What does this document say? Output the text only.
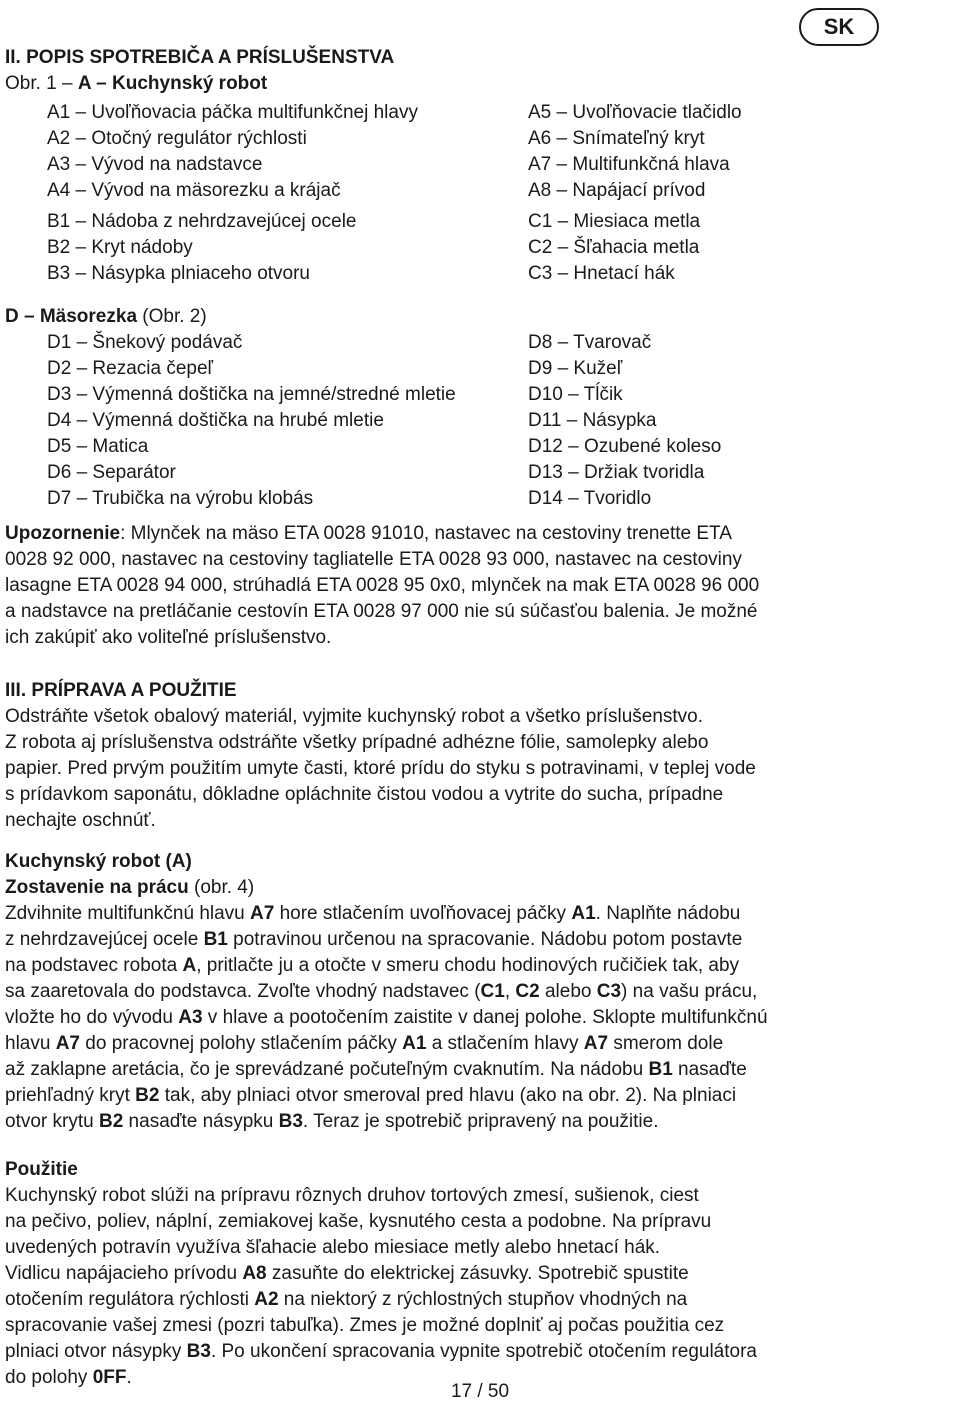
SK
II. POPIS SPOTREBIČA A PRÍSLUŠENSTVA
Obr. 1 – A – Kuchynský robot
A1 – Uvoľňovacia páčka multifunkčnej hlavy
A2 – Otočný regulátor rýchlosti
A3 – Vývod na nadstavce
A4 – Vývod na mäsorezku a krájač
A5 – Uvoľňovacie tlačidlo
A6 – Snímateľný kryt
A7 – Multifunkčná hlava
A8 – Napájací prívod
B1 – Nádoba z nehrdzavejúcej ocele
B2 – Kryt nádoby
B3 – Násypka plniaceho otvoru
C1 – Miesiaca metla
C2 – Šľahacia metla
C3 – Hnetací hák
D – Mäsorezka (Obr. 2)
D1 – Šnekový podávač
D2 – Rezacia čepeľ
D3 – Výmenná doštička na jemné/stredné mletie
D4 – Výmenná doštička na hrubé mletie
D5 – Matica
D6 – Separátor
D7 – Trubička na výrobu klobás
D8 – Tvarovač
D9 – Kužeľ
D10 – Tĺčik
D11 – Násypka
D12 – Ozubené koleso
D13 – Držiak tvoridla
D14 – Tvoridlo
Upozornenie: Mlynček na mäso ETA 0028 91010, nastavec na cestoviny trenette ETA
0028 92 000, nastavec na cestoviny tagliatelle ETA 0028 93 000, nastavec na cestoviny
lasagne ETA 0028 94 000, strúhadlá ETA 0028 95 0x0, mlynček na mak ETA 0028 96 000
a nadstavce na pretláčanie cestovín ETA 0028 97 000 nie sú súčasťou balenia. Je možné
ich zakúpiť ako voliteľné príslušenstvo.
III. PRÍPRAVA A POUŽITIE
Odstráňte všetok obalový materiál, vyjmite kuchynský robot a všetko príslušenstvo.
Z robota aj príslušenstva odstráňte všetky prípadné adhézne fólie, samolepky alebo
papier. Pred prvým použitím umyte časti, ktoré prídu do styku s potravinami, v teplej vode
s prídavkom saponátu, dôkladne opláchnite čistou vodou a vytrite do sucha, prípadne
nechajte oschnúť.
Kuchynský robot (A)
Zostavenie na prácu (obr. 4)
Zdvihnite multifunkčnú hlavu A7 hore stlačením uvoľňovacej páčky A1. Naplňte nádobu
z nehrdzavejúcej ocele B1 potravinou určenou na spracovanie. Nádobu potom postavte
na podstavec robota A, pritlačte ju a otočte v smeru chodu hodinových ručičiek tak, aby
sa zaaretovala do podstavca. Zvoľte vhodný nadstavec (C1, C2 alebo C3) na vašu prácu,
vložte ho do vývodu A3 v hlave a pootočením zaistite v danej polohe. Sklopte multifunkčnú
hlavu A7 do pracovnej polohy stlačením páčky A1 a stlačením hlavy A7 smerom dole
až zaklapne aretácia, čo je sprevádzané počuteľným cvaknutím. Na nádobu B1 nasaďte
priehľadný kryt B2 tak, aby plniaci otvor smeroval pred hlavu (ako na obr. 2). Na plniaci
otvor krytu B2 nasaďte násypku B3. Teraz je spotrebič pripravený na použitie.
Použitie
Kuchynský robot slúži na prípravu rôznych druhov tortových zmesí, sušienok, ciest
na pečivo, poliev, náplní, zemiakovej kaše, kysnutého cesta a podobne. Na prípravu
uvedených potravín využíva šľahacie alebo miesiace metly alebo hnetací hák.
Vidlicu napájacieho prívodu A8 zasuňte do elektrickej zásuvky. Spotrebič spustite
otočením regulátora rýchlosti A2 na niektorý z rýchlostných stupňov vhodných na
spracovanie vašej zmesi (pozri tabuľka). Zmes je možné doplniť aj počas použitia cez
plniaci otvor násypky B3. Po ukončení spracovania vypnite spotrebič otočením regulátora
do polohy 0FF.
17 / 50
